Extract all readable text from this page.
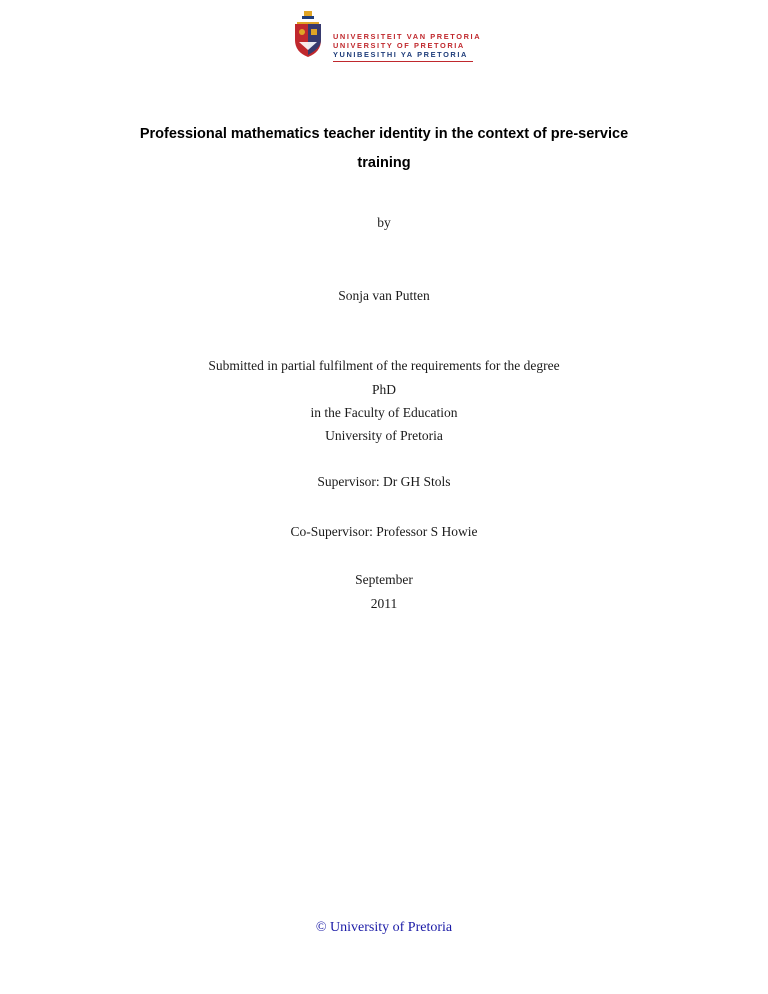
UNIVERSITEIT VAN PRETORIA
UNIVERSITY OF PRETORIA
YUNIBESITHI YA PRETORIA
Professional mathematics teacher identity in the context of pre-service
training
by
Sonja van Putten
Submitted in partial fulfilment of the requirements for the degree
PhD
in the Faculty of Education
University of Pretoria
Supervisor: Dr GH Stols
Co-Supervisor: Professor S Howie
September
2011
© University of Pretoria
